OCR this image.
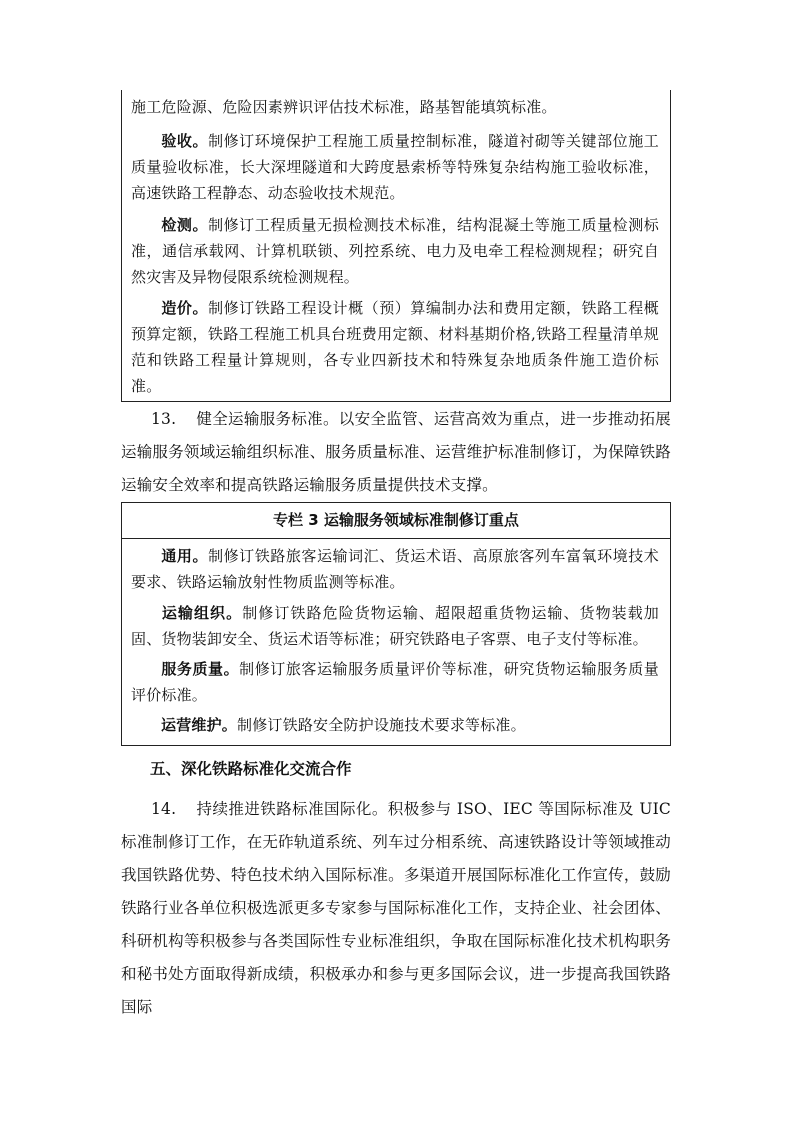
施工危险源、危险因素辨识评估技术标准，路基智能填筑标准。
验收。制修订环境保护工程施工质量控制标准，隧道衬砌等关键部位施工质量验收标准，长大深埋隧道和大跨度悬索桥等特殊复杂结构施工验收标准，高速铁路工程静态、动态验收技术规范。
检测。制修订工程质量无损检测技术标准，结构混凝土等施工质量检测标准，通信承载网、计算机联锁、列控系统、电力及电牵工程检测规程；研究自然灾害及异物侵限系统检测规程。
造价。制修订铁路工程设计概（预）算编制办法和费用定额，铁路工程概预算定额，铁路工程施工机具台班费用定额、材料基期价格,铁路工程量清单规范和铁路工程量计算规则，各专业四新技术和特殊复杂地质条件施工造价标准。
13. 健全运输服务标准。以安全监管、运营高效为重点，进一步推动拓展运输服务领域运输组织标准、服务质量标准、运营维护标准制修订，为保障铁路运输安全效率和提高铁路运输服务质量提供技术支撑。
专栏 3 运输服务领域标准制修订重点
通用。制修订铁路旅客运输词汇、货运术语、高原旅客列车富氧环境技术要求、铁路运输放射性物质监测等标准。
运输组织。制修订铁路危险货物运输、超限超重货物运输、货物装载加固、货物装卸安全、货运术语等标准；研究铁路电子客票、电子支付等标准。
服务质量。制修订旅客运输服务质量评价等标准，研究货物运输服务质量评价标准。
运营维护。制修订铁路安全防护设施技术要求等标准。
五、深化铁路标准化交流合作
14. 持续推进铁路标准国际化。积极参与 ISO、IEC 等国际标准及 UIC 标准制修订工作，在无砟轨道系统、列车过分相系统、高速铁路设计等领域推动我国铁路优势、特色技术纳入国际标准。多渠道开展国际标准化工作宣传，鼓励铁路行业各单位积极选派更多专家参与国际标准化工作，支持企业、社会团体、科研机构等积极参与各类国际性专业标准组织，争取在国际标准化技术机构职务和秘书处方面取得新成绩，积极承办和参与更多国际会议，进一步提高我国铁路国际
